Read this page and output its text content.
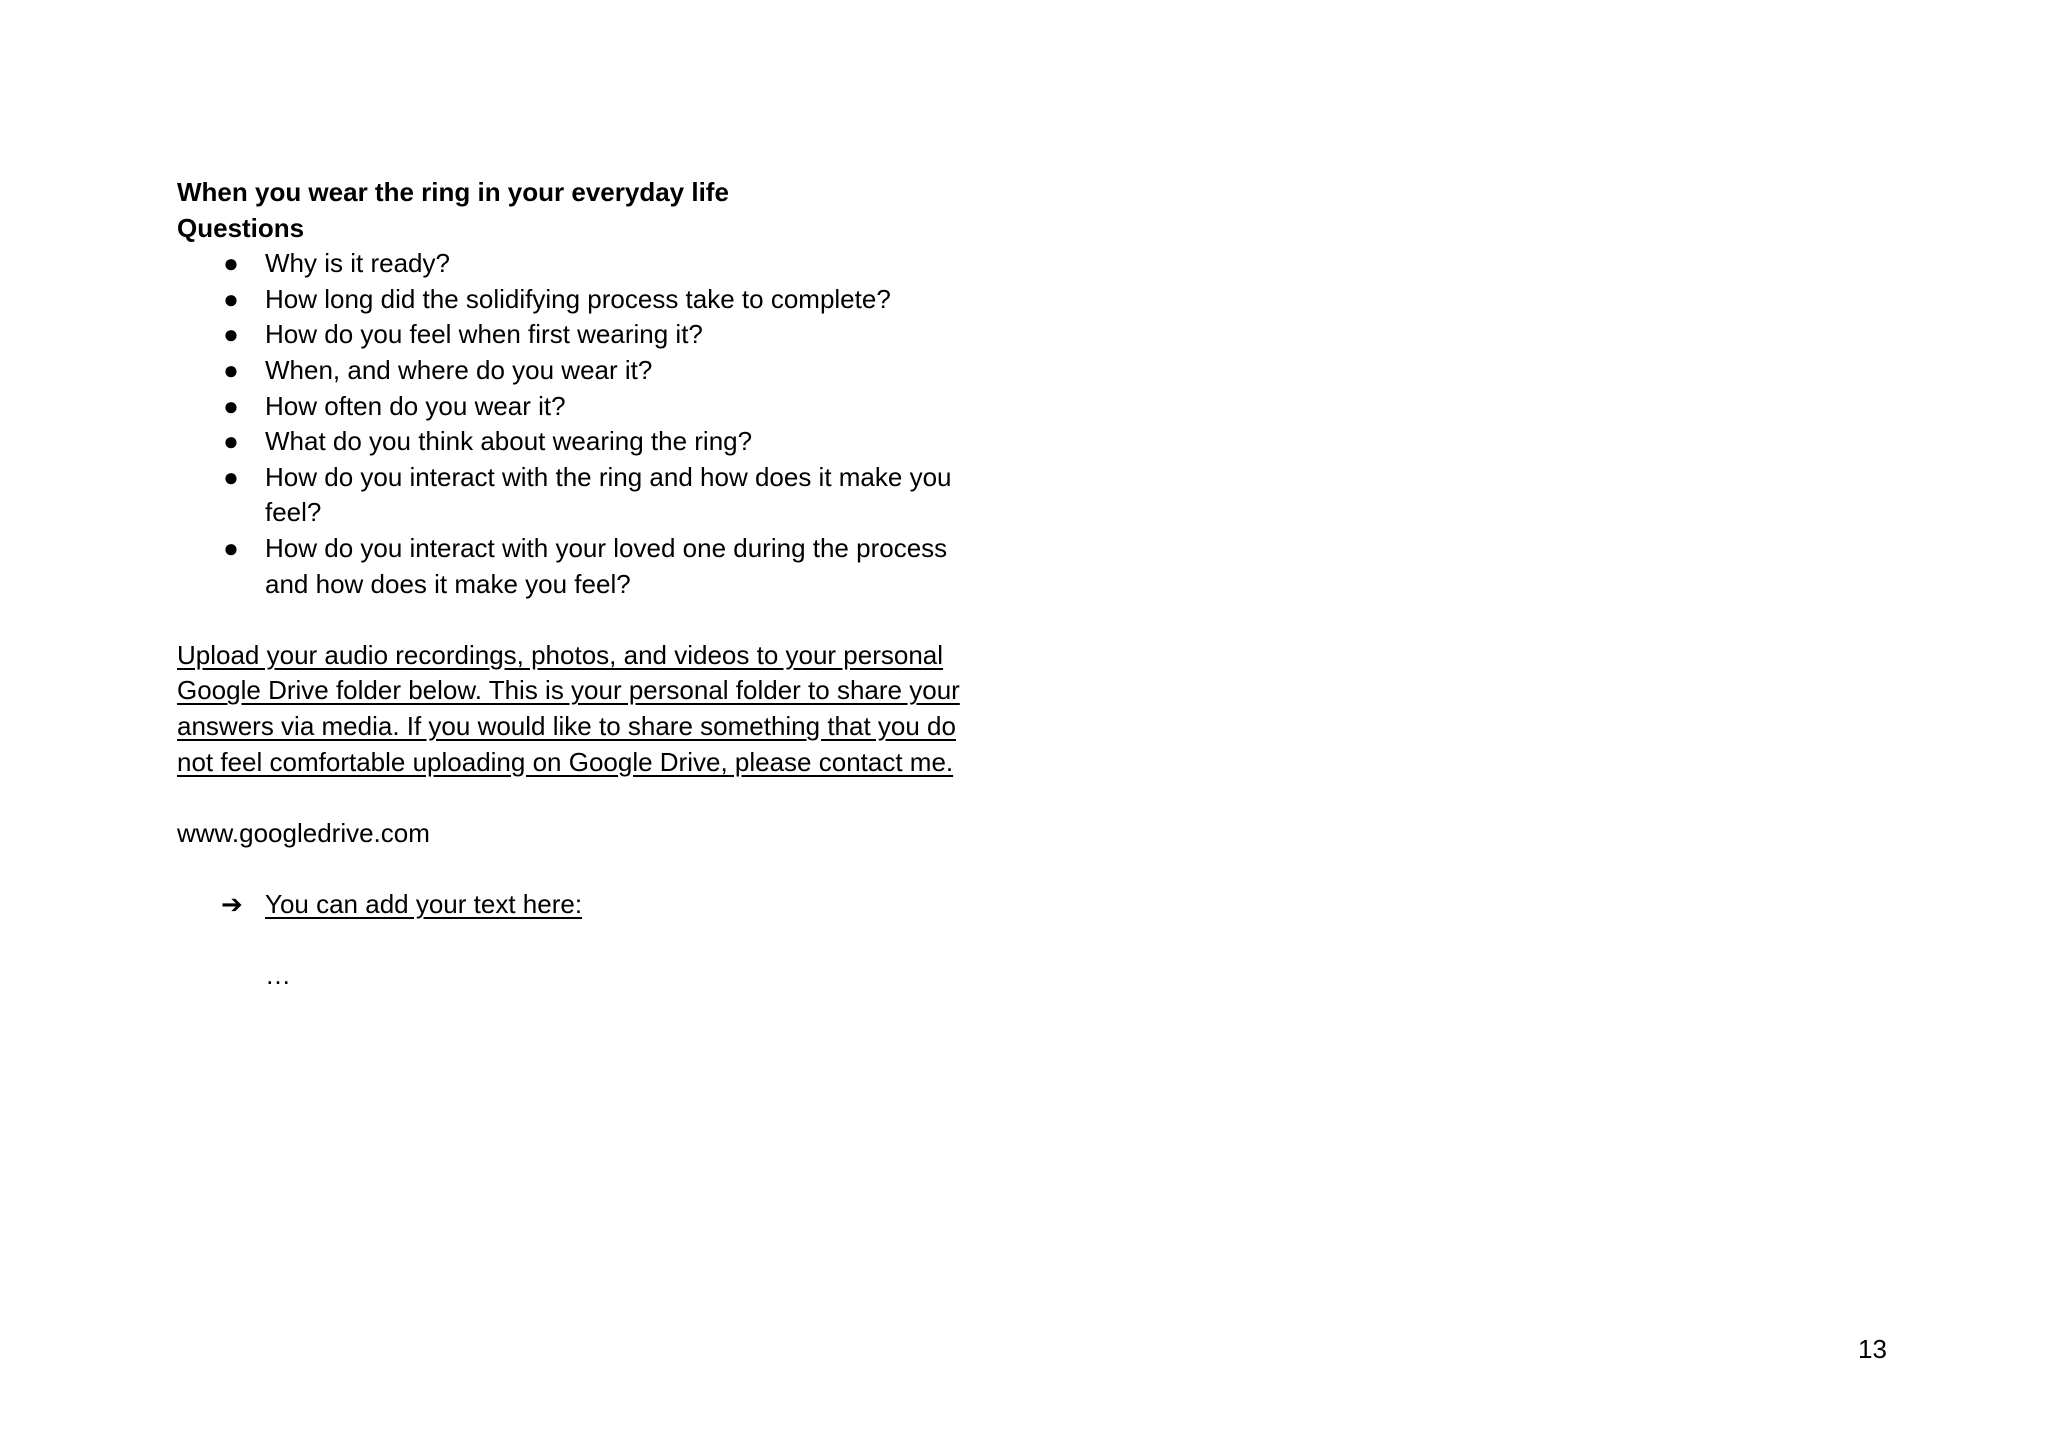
When you wear the ring in your everyday life

Questions

● Why is it ready?
● How long did the solidifying process take to complete?
● How do you feel when first wearing it?
● When, and where do you wear it?
● How often do you wear it?
● What do you think about wearing the ring?
● How do you interact with the ring and how does it make you feel?
● How do you interact with your loved one during the process and how does it make you feel?

Upload your audio recordings, photos, and videos to your personal Google Drive folder below. This is your personal folder to share your answers via media. If you would like to share something that you do not feel comfortable uploading on Google Drive, please contact me.

www.googledrive.com

➔ You can add your text here:

…

13
